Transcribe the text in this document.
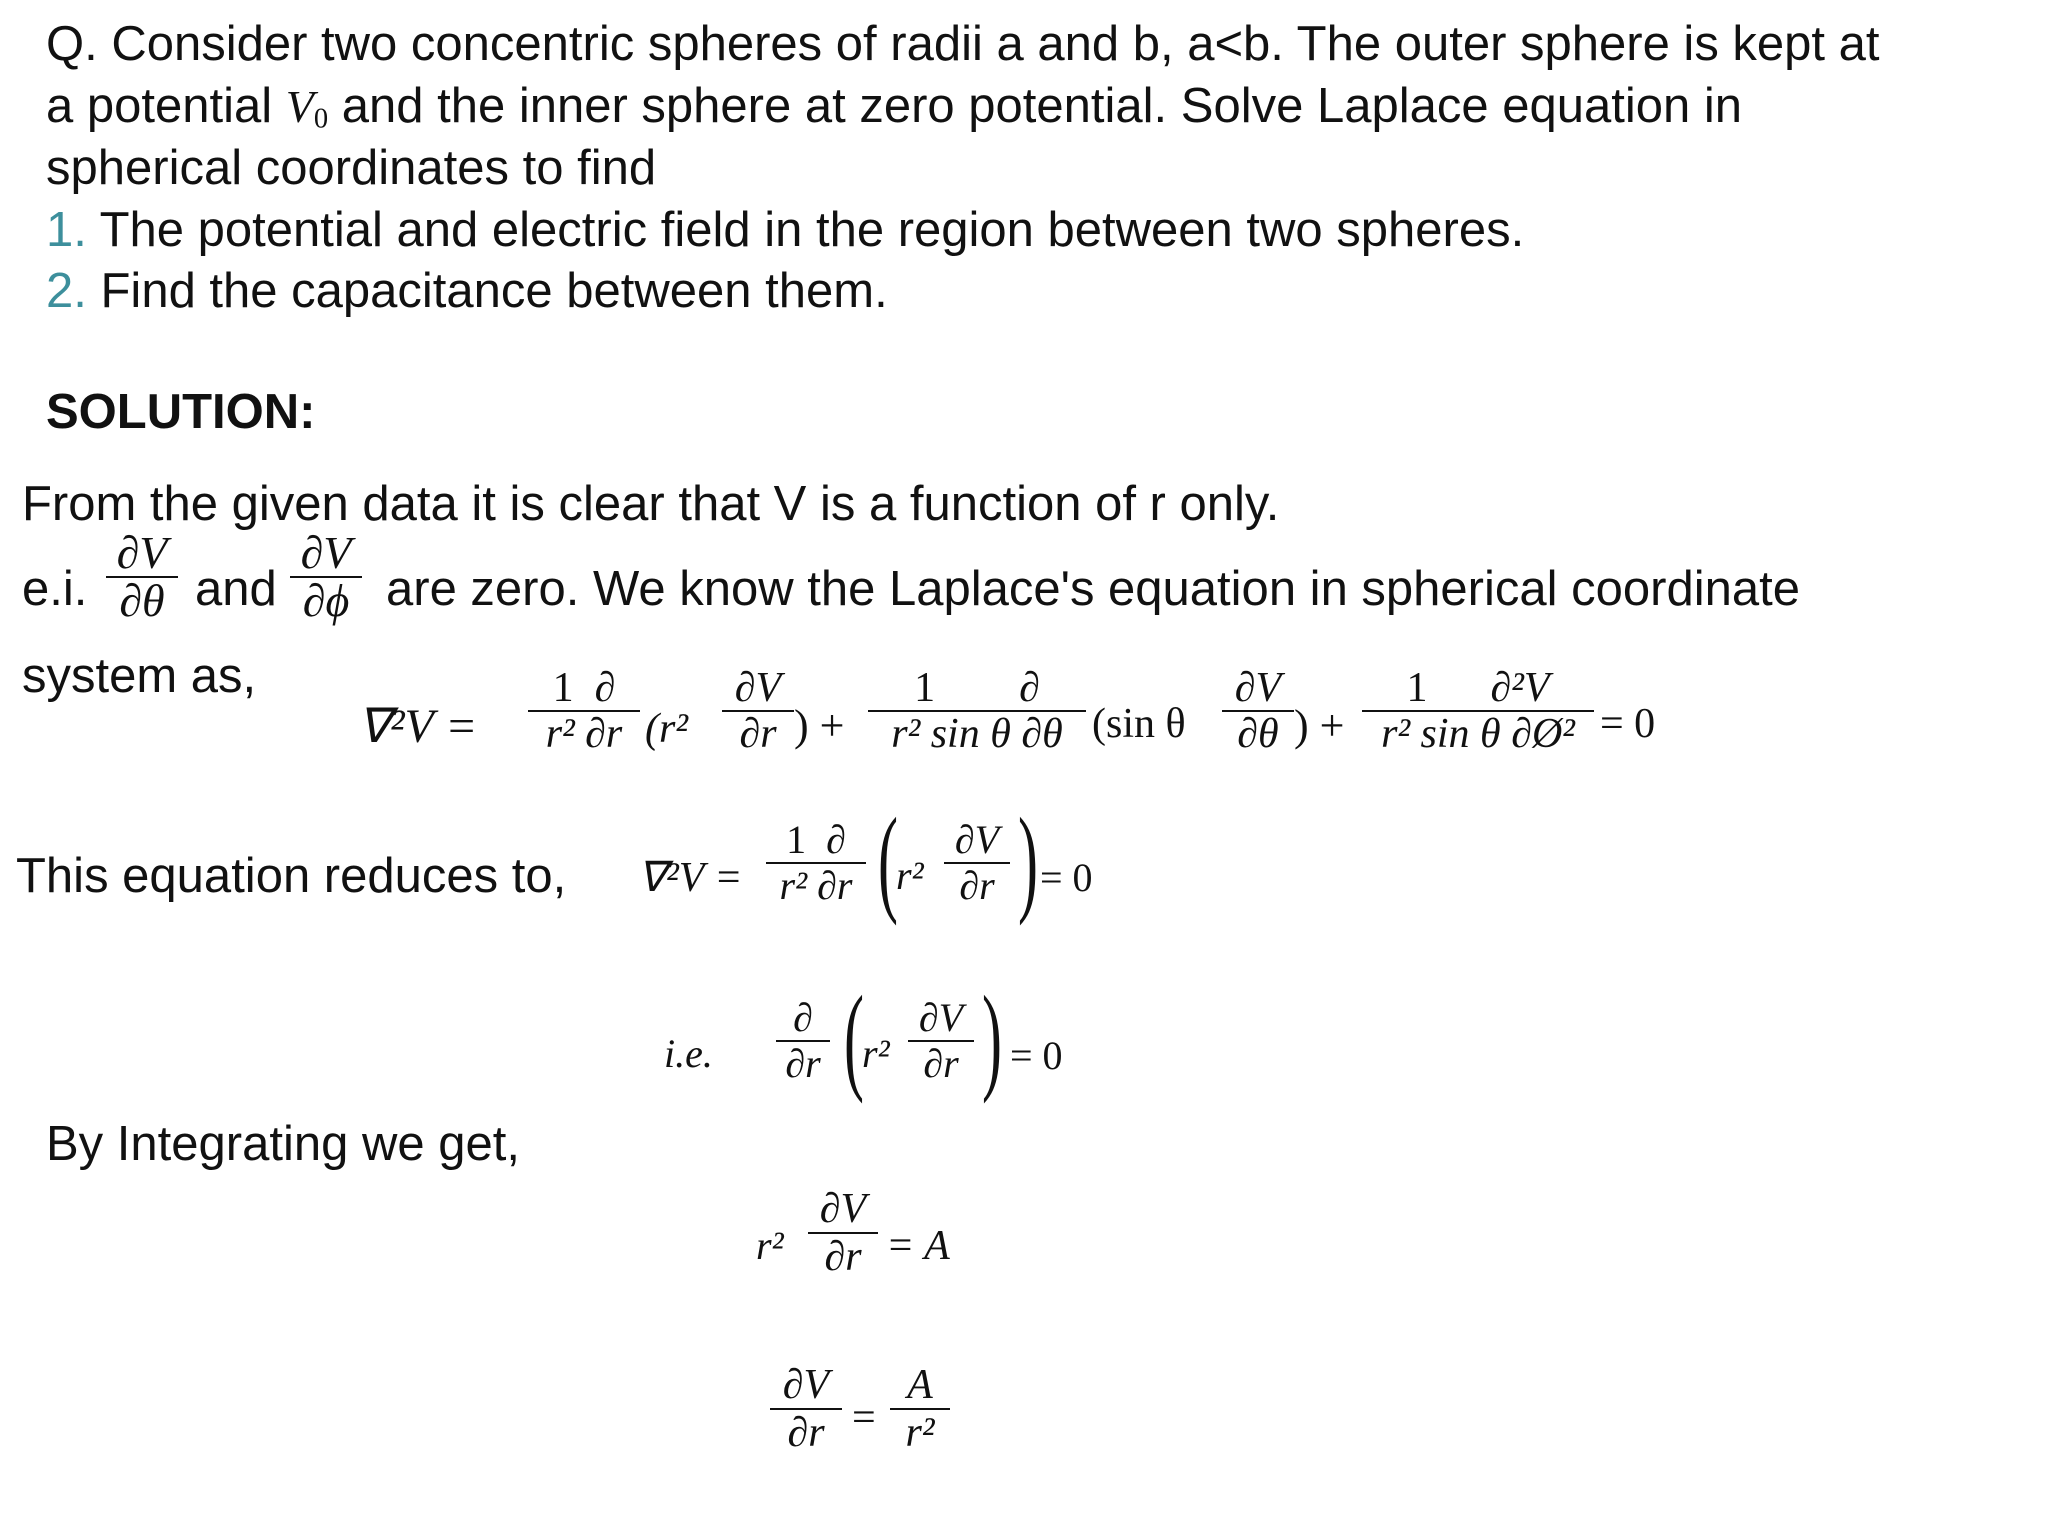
Q. Consider two concentric spheres of radii a and b, a<b. The outer sphere is kept at
a potential $V_0$ and the inner sphere at zero potential. Solve Laplace equation in
spherical coordinates to find
1. The potential and electric field in the region between two spheres.
2. Find the capacitance between them.
SOLUTION:
From the given data it is clear that V is a function of r only.
e.i.
∂V
∂θ and
∂V
∂ϕ are zero. We know the Laplace's equation in spherical coordinate
system as,
∇²V =
1 ∂
r² ∂r (r²
∂V
∂r ) +
1 ∂
r² sin θ ∂θ (sin θ
∂V
∂θ ) +
1 ∂²V
r² sin θ ∂Ø² = 0
This equation reduces to, ∇²V =
1 ∂
r² ∂r (
r²
∂V
∂r ) = 0
i.e.
∂
∂r (
r²
∂V
∂r ) = 0
By Integrating we get,
r²
∂V
∂r = A
∂V
∂r =
A
r²
